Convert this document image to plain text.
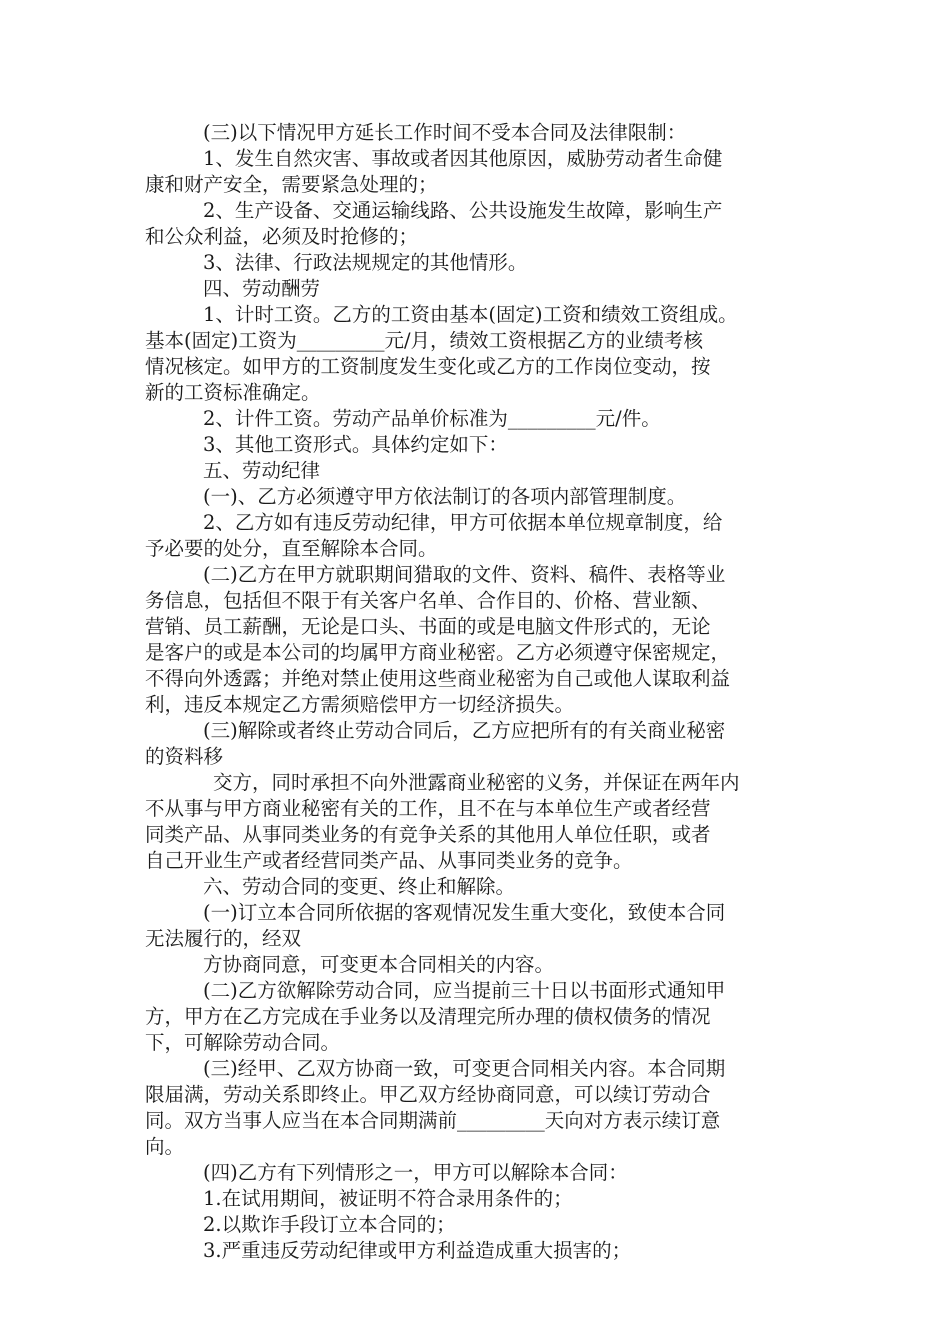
(三)以下情况甲方延长工作时间不受本合同及法律限制：
1、发生自然灾害、事故或者因其他原因，威胁劳动者生命健
康和财产安全，需要紧急处理的；
2、生产设备、交通运输线路、公共设施发生故障，影响生产
和公众利益，必须及时抢修的；
3、法律、行政法规规定的其他情形。
四、劳动酬劳
1、计时工资。乙方的工资由基本(固定)工资和绩效工资组成。
基本(固定)工资为_________元/月，绩效工资根据乙方的业绩考核
情况核定。如甲方的工资制度发生变化或乙方的工作岗位变动，按
新的工资标准确定。
2、计件工资。劳动产品单价标准为_________元/件。
3、其他工资形式。具体约定如下：
五、劳动纪律
(一)、乙方必须遵守甲方依法制订的各项内部管理制度。
2、乙方如有违反劳动纪律，甲方可依据本单位规章制度，给
予必要的处分，直至解除本合同。
(二)乙方在甲方就职期间猎取的文件、资料、稿件、表格等业
务信息，包括但不限于有关客户名单、合作目的、价格、营业额、
营销、员工薪酬，无论是口头、书面的或是电脑文件形式的，无论
是客户的或是本公司的均属甲方商业秘密。乙方必须遵守保密规定，
不得向外透露；并绝对禁止使用这些商业秘密为自己或他人谋取利益
利，违反本规定乙方需须赔偿甲方一切经济损失。
(三)解除或者终止劳动合同后，乙方应把所有的有关商业秘密
的资料移
交方，同时承担不向外泄露商业秘密的义务，并保证在两年内
不从事与甲方商业秘密有关的工作，且不在与本单位生产或者经营
同类产品、从事同类业务的有竞争关系的其他用人单位任职，或者
自己开业生产或者经营同类产品、从事同类业务的竞争。
六、劳动合同的变更、终止和解除。
(一)订立本合同所依据的客观情况发生重大变化，致使本合同
无法履行的，经双
方协商同意，可变更本合同相关的内容。
(二)乙方欲解除劳动合同，应当提前三十日以书面形式通知甲
方，甲方在乙方完成在手业务以及清理完所办理的债权债务的情况
下，可解除劳动合同。
(三)经甲、乙双方协商一致，可变更合同相关内容。本合同期
限届满，劳动关系即终止。甲乙双方经协商同意，可以续订劳动合
同。双方当事人应当在本合同期满前_________天向对方表示续订意
向。
(四)乙方有下列情形之一，甲方可以解除本合同：
1.在试用期间，被证明不符合录用条件的；
2.以欺诈手段订立本合同的；
3.严重违反劳动纪律或甲方利益造成重大损害的；
